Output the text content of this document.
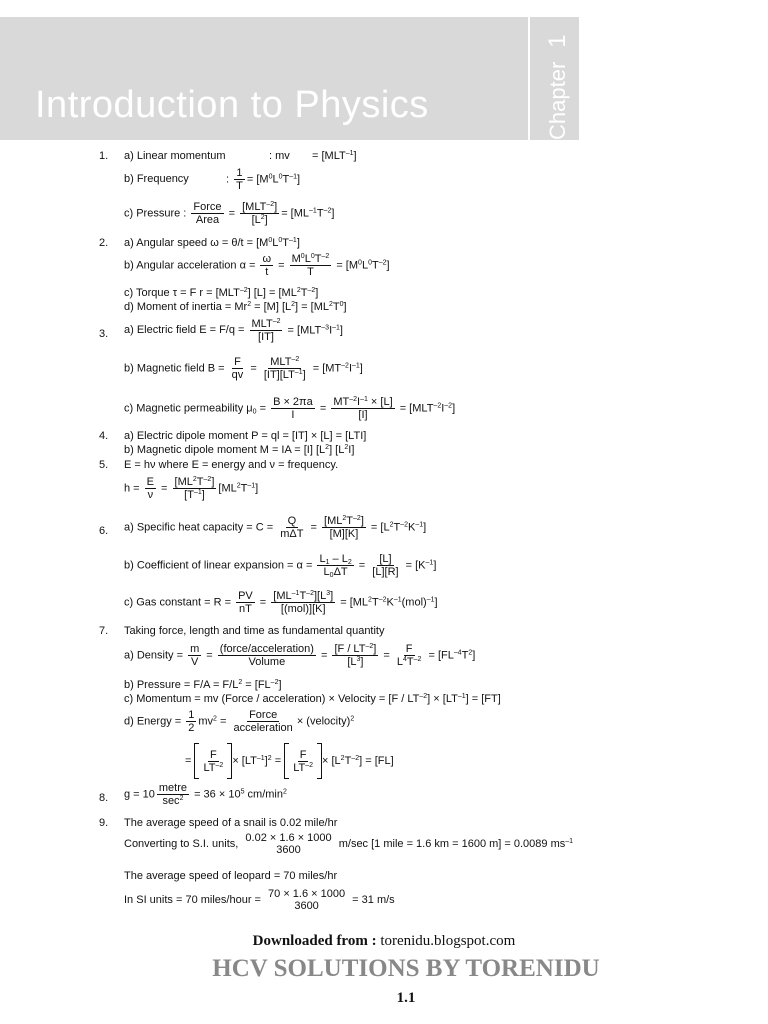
Introduction to Physics	Chapter
1
1. a) Linear momentum	: mv = $[MLT^{-1}]$
b) Frequency	: $\frac{1}{T} = [M^0L^0T^{-1}]$
c) Pressure : $\frac{\text{Force}}{\text{Area}} = \frac{[MLT^{-2}]}{[L^2]} = [ML^{-1}T^{-2}]$
2. a) Angular speed $\omega = \theta/t = [M^0L^0T^{-1}]$
b) Angular acceleration $\alpha = \frac{\omega}{t} = \frac{M^0L^0T^{-2}}{T} = [M^0L^0T^{-2}]$
c) Torque τ = F $r = [MLT^{-2}] [L] = [ML^2T^{-2}]$
d) Moment of inertia = $Mr^2 = [M] [L^2] = [ML^2T^0]$
3. a) Electric field $E = F/q = \frac{MLT^{-2}}{[IT]} = [MLT^{-3}I^{-1}]$
b) Magnetic field $B = \frac{F}{qv} = \frac{MLT^{-2}}{[IT][LT^{-1}]} = [MT^{-2}I^{-1}]$
c) Magnetic permeability $\mu_0 = \frac{B \times 2\pi a}{I} = \frac{MT^{-2}I^{-1} \times [L]}{[I]} = [MLT^{-2}I^{-2}]$
4. a) Electric dipole moment P = ql = [IT] × [L] = [LTI]
b) Magnetic dipole moment M = IA = [I] $[L^2]$ $[L^2I]$
5. E = hν where E = energy and ν = frequency.
$h = \frac{E}{\nu} = \frac{[ML^2T^{-2}]}{[T^{-1}]} [ML^2T^{-1}]$
6. a) Specific heat capacity = $C = \frac{Q}{\text{mΔT}} = \frac{[ML^2T^{-2}]}{[M][K]} = [L^2T^{-2}K^{-1}]$
b) Coefficient of linear expansion = $\alpha = \frac{L_1 - L_2}{L_0\Delta T} = \frac{[L]}{[L][R]} = [K^{-1}]$
c) Gas constant = $R = \frac{PV}{nT} = \frac{[ML^{-1}T^{-2}][L^3]}{\text{[(mol)][K]}} = [ML^2T^{-2}K^{-1}(mol)^{-1}]$
7. Taking force, length and time as fundamental quantity
a) Density = $\frac{m}{V} = \frac{\text{(force/acceleration)}}{\text{Volume}} = \frac{[F / LT^{-2}]}{[L^3]} = \frac{F}{L^4T^{-2}} = [FL^{-4}T^2]$
b) Pressure = $F/A = F/L^2 = [FL^{-2}]$
c) Momentum = mv (Force / acceleration) × Velocity = $[F / LT^{-2}] \times [LT^{-1}] = [FT]$
d) Energy = $\frac{1}{2} mv^2 = \frac{\text{Force}}{\text{acceleration}}$ × (velocity)$^2$
= $\frac{F}{LT^{-2}} \times [LT^{-1}]^2 = \frac{F}{LT^{-2}} \times [L^2T^{-2}] = [FL]$
8. $g = 10 \frac{\text{metre}}{\sec^2} = 36 \times 10^5$ $cm/\min^2$
9. The average speed of a snail is 0.02 mile/hr
Converting to S.I. units, 0.02 × 1.6 × 1000
3600
m/sec [1 mile = 1.6 km = 1600 m] = 0.0089 $ms^{-1}$
The average speed of leopard = 70 miles/hr
In SI units = 70 miles/hour = 70 × 1.6 × 1000
3600
= 31 m/s
Downloaded from : torenidu.blogspot.com
HCV SOLUTIONS BY TORENIDU
1.1
